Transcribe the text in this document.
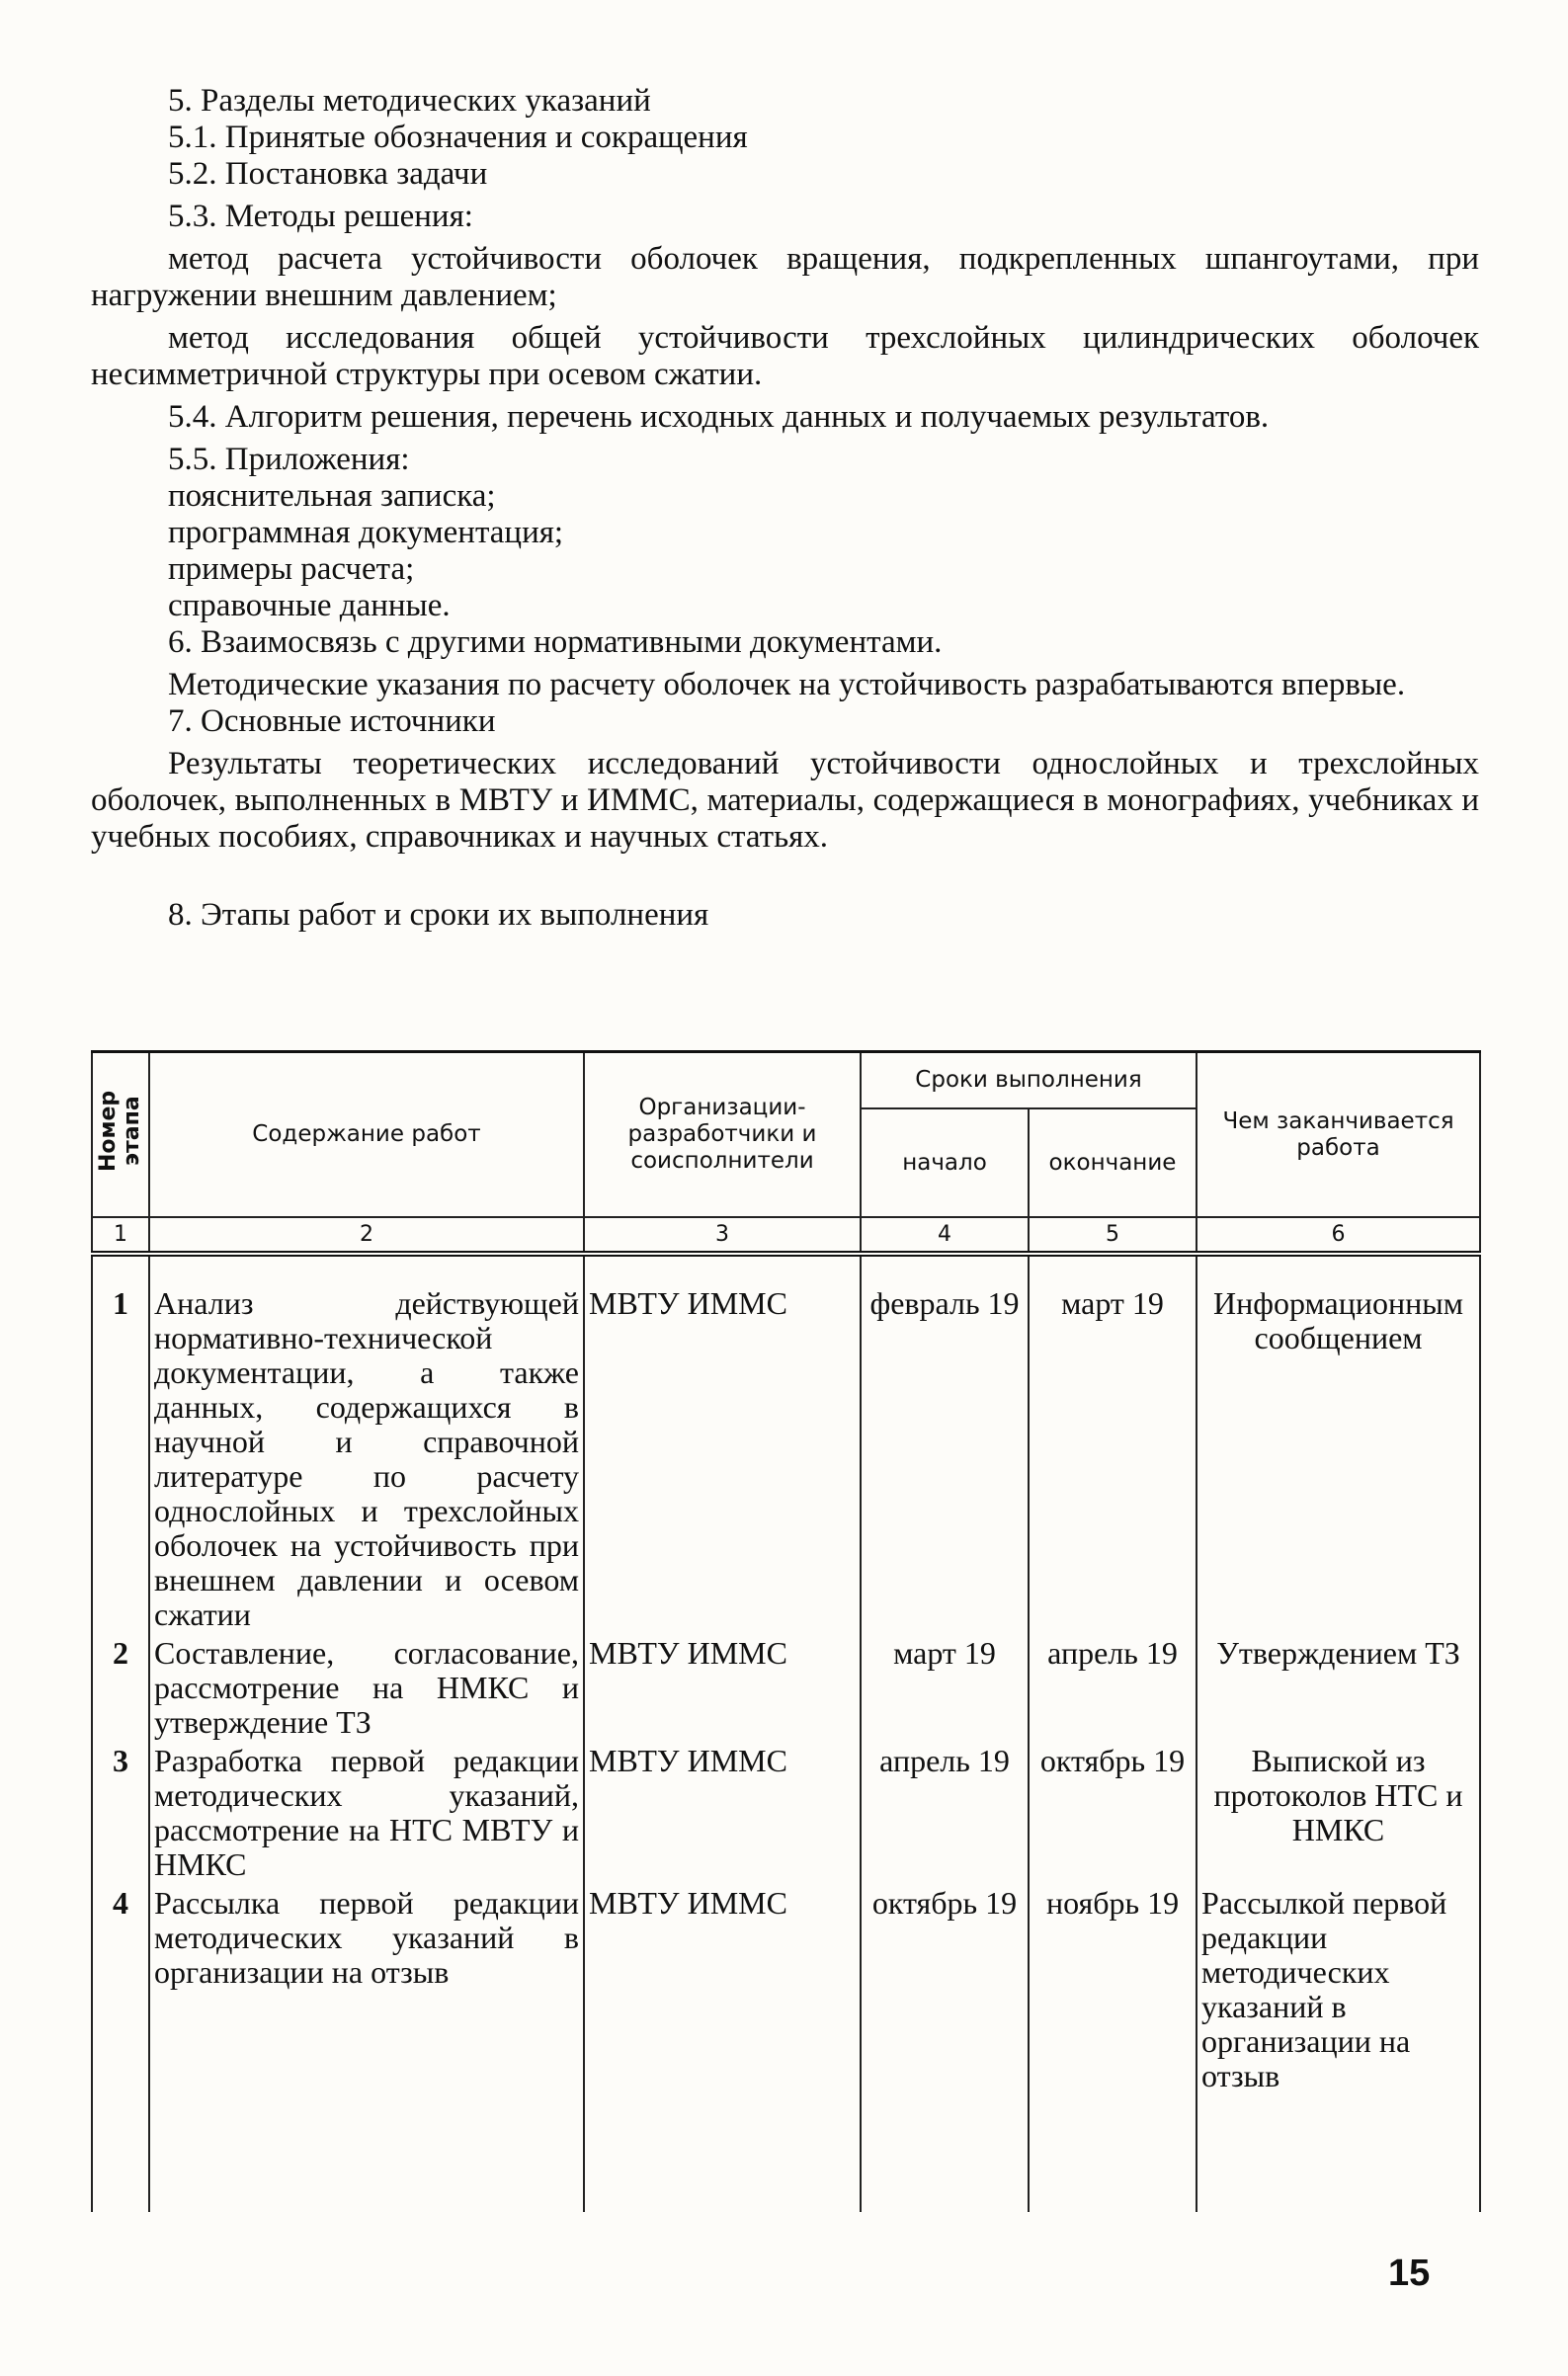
5. Разделы методических указаний

5.1. Принятые обозначения и сокращения

5.2. Постановка задачи

5.3. Методы решения:

метод расчета устойчивости оболочек вращения, подкрепленных шпангоутами, при нагружении внешним давлением;

метод исследования общей устойчивости трехслойных цилиндрических оболочек несимметричной структуры при осевом сжатии.

5.4. Алгоритм решения, перечень исходных данных и получаемых результатов.

5.5. Приложения:

пояснительная записка;

программная документация;

примеры расчета;

справочные данные.

6. Взаимосвязь с другими нормативными документами.

Методические указания по расчету оболочек на устойчивость разрабатываются впервые.

7. Основные источники

Результаты теоретических исследований устойчивости однослойных и трехслойных оболочек, выполненных в МВТУ и ИММС, материалы, содержащиеся в монографиях, учебниках и учебных пособиях, справочниках и научных статьях.

8. Этапы работ и сроки их выполнения

Номер этапа	Содержание работ	Организации-разработчики и соисполнители	Сроки выполнения		Чем заканчивается работа
			начало	окончание	
1	2	3	4	5	6
1	Анализ действующей нормативно-технической документации, а также данных, содержащихся в научной и справочной литературе по расчету однослойных и трехслойных оболочек на устойчивость при внешнем давлении и осевом сжатии	МВТУ ИММС	февраль 19	март 19	Информационным сообщением
2	Составление, согласование, рассмотрение на НМКС и утверждение ТЗ	МВТУ ИММС	март 19	апрель 19	Утверждением ТЗ
3	Разработка первой редакции методических указаний, рассмотрение на НТС МВТУ и НМКС	МВТУ ИММС	апрель 19	октябрь 19	Выпиской из протоколов НТС и НМКС
4	Рассылка первой редакции методических указаний в организации на отзыв	МВТУ ИММС	октябрь 19	ноябрь 19	Рассылкой первой редакции методических указаний в организации на отзыв
15
